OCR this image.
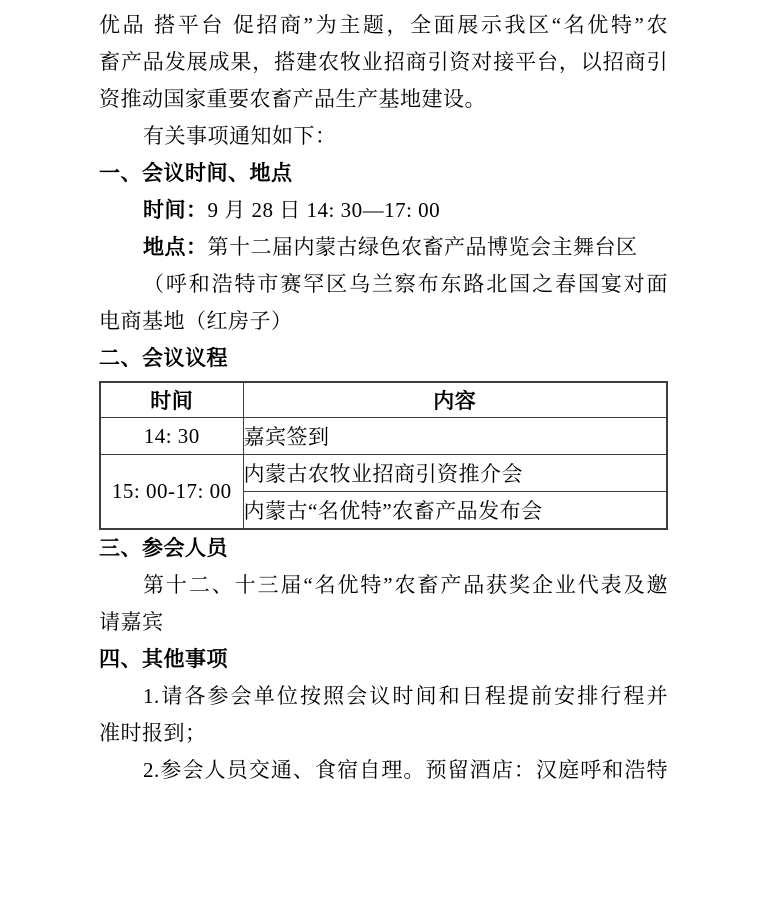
优品 搭平台 促招商”为主题，全面展示我区“名优特”农

畜产品发展成果，搭建农牧业招商引资对接平台，以招商引

资推动国家重要农畜产品生产基地建设。

有关事项通知如下：

一、会议时间、地点

时间：9 月 28 日 14: 30—17: 00

地点：第十二届内蒙古绿色农畜产品博览会主舞台区

（呼和浩特市赛罕区乌兰察布东路北国之春国宴对面

电商基地（红房子）

二、会议议程
时间	内容
14: 30	嘉宾签到
15: 00-17: 00	内蒙古农牧业招商引资推介会
	内蒙古“名优特”农畜产品发布会
三、参会人员

第十二、十三届“名优特”农畜产品获奖企业代表及邀

请嘉宾

四、其他事项

1.请各参会单位按照会议时间和日程提前安排行程并

准时报到；

2.参会人员交通、食宿自理。预留酒店：汉庭呼和浩特
